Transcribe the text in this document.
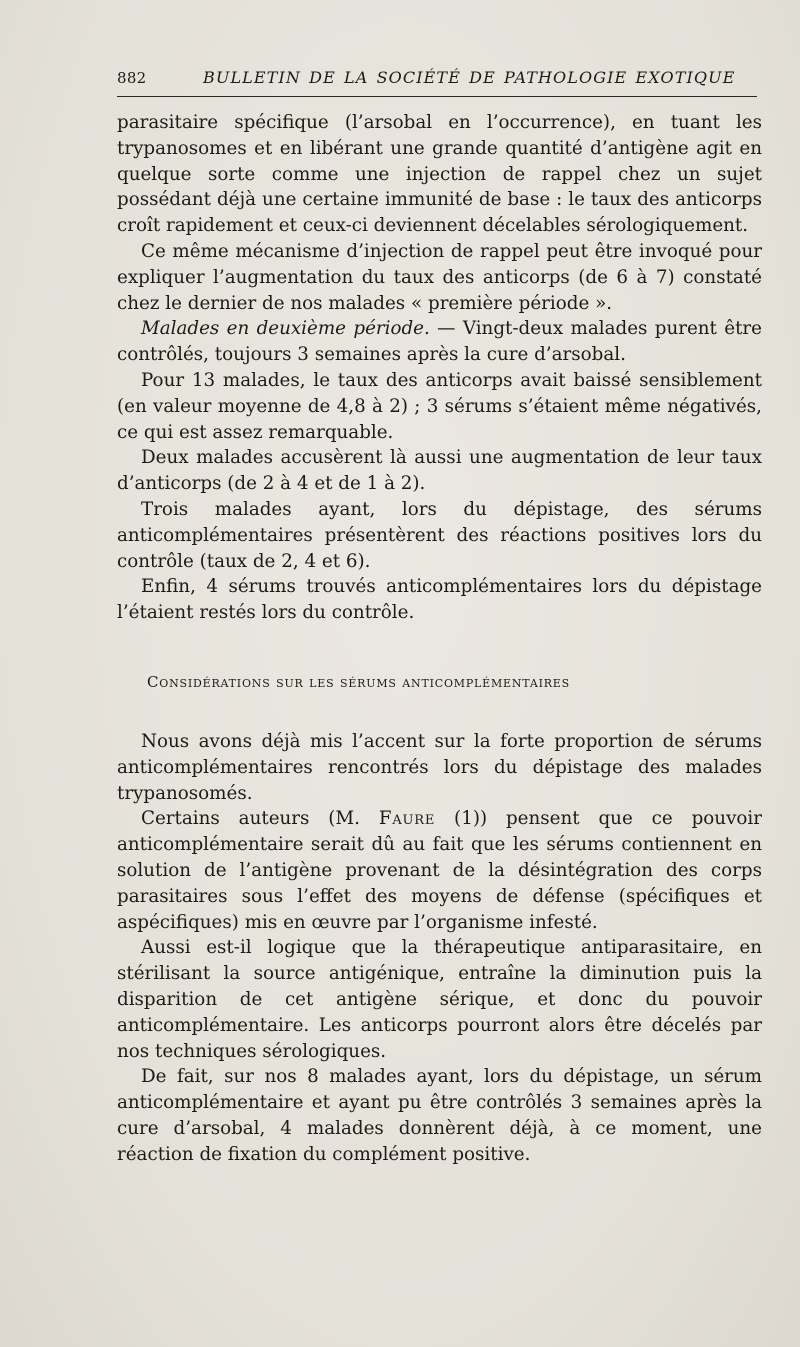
882	BULLETIN DE LA SOCIÉTÉ DE PATHOLOGIE EXOTIQUE

parasitaire spécifique (l’arsobal en l’occurrence), en tuant les trypanosomes et en libérant une grande quantité d’antigène agit en quelque sorte comme une injection de rappel chez un sujet possédant déjà une certaine immunité de base : le taux des anticorps croît rapidement et ceux-ci deviennent décelables sérologiquement.

Ce même mécanisme d’injection de rappel peut être invoqué pour expliquer l’augmentation du taux des anticorps (de 6 à 7) constaté chez le dernier de nos malades « première période ».

Malades en deuxième période. — Vingt-deux malades purent être contrôlés, toujours 3 semaines après la cure d’arsobal.

Pour 13 malades, le taux des anticorps avait baissé sensiblement (en valeur moyenne de 4,8 à 2) ; 3 sérums s’étaient même négativés, ce qui est assez remarquable.

Deux malades accusèrent là aussi une augmentation de leur taux d’anticorps (de 2 à 4 et de 1 à 2).

Trois malades ayant, lors du dépistage, des sérums anticomplémentaires présentèrent des réactions positives lors du contrôle (taux de 2, 4 et 6).

Enfin, 4 sérums trouvés anticomplémentaires lors du dépistage l’étaient restés lors du contrôle.

Considérations sur les sérums anticomplémentaires

Nous avons déjà mis l’accent sur la forte proportion de sérums anticomplémentaires rencontrés lors du dépistage des malades trypanosomés.

Certains auteurs (M. Faure (1)) pensent que ce pouvoir anticomplémentaire serait dû au fait que les sérums contiennent en solution de l’antigène provenant de la désintégration des corps parasitaires sous l’effet des moyens de défense (spécifiques et aspécifiques) mis en œuvre par l’organisme infesté.

Aussi est-il logique que la thérapeutique antiparasitaire, en stérilisant la source antigénique, entraîne la diminution puis la disparition de cet antigène sérique, et donc du pouvoir anticomplémentaire. Les anticorps pourront alors être décelés par nos techniques sérologiques.

De fait, sur nos 8 malades ayant, lors du dépistage, un sérum anticomplémentaire et ayant pu être contrôlés 3 semaines après la cure d’arsobal, 4 malades donnèrent déjà, à ce moment, une réaction de fixation du complément positive.
